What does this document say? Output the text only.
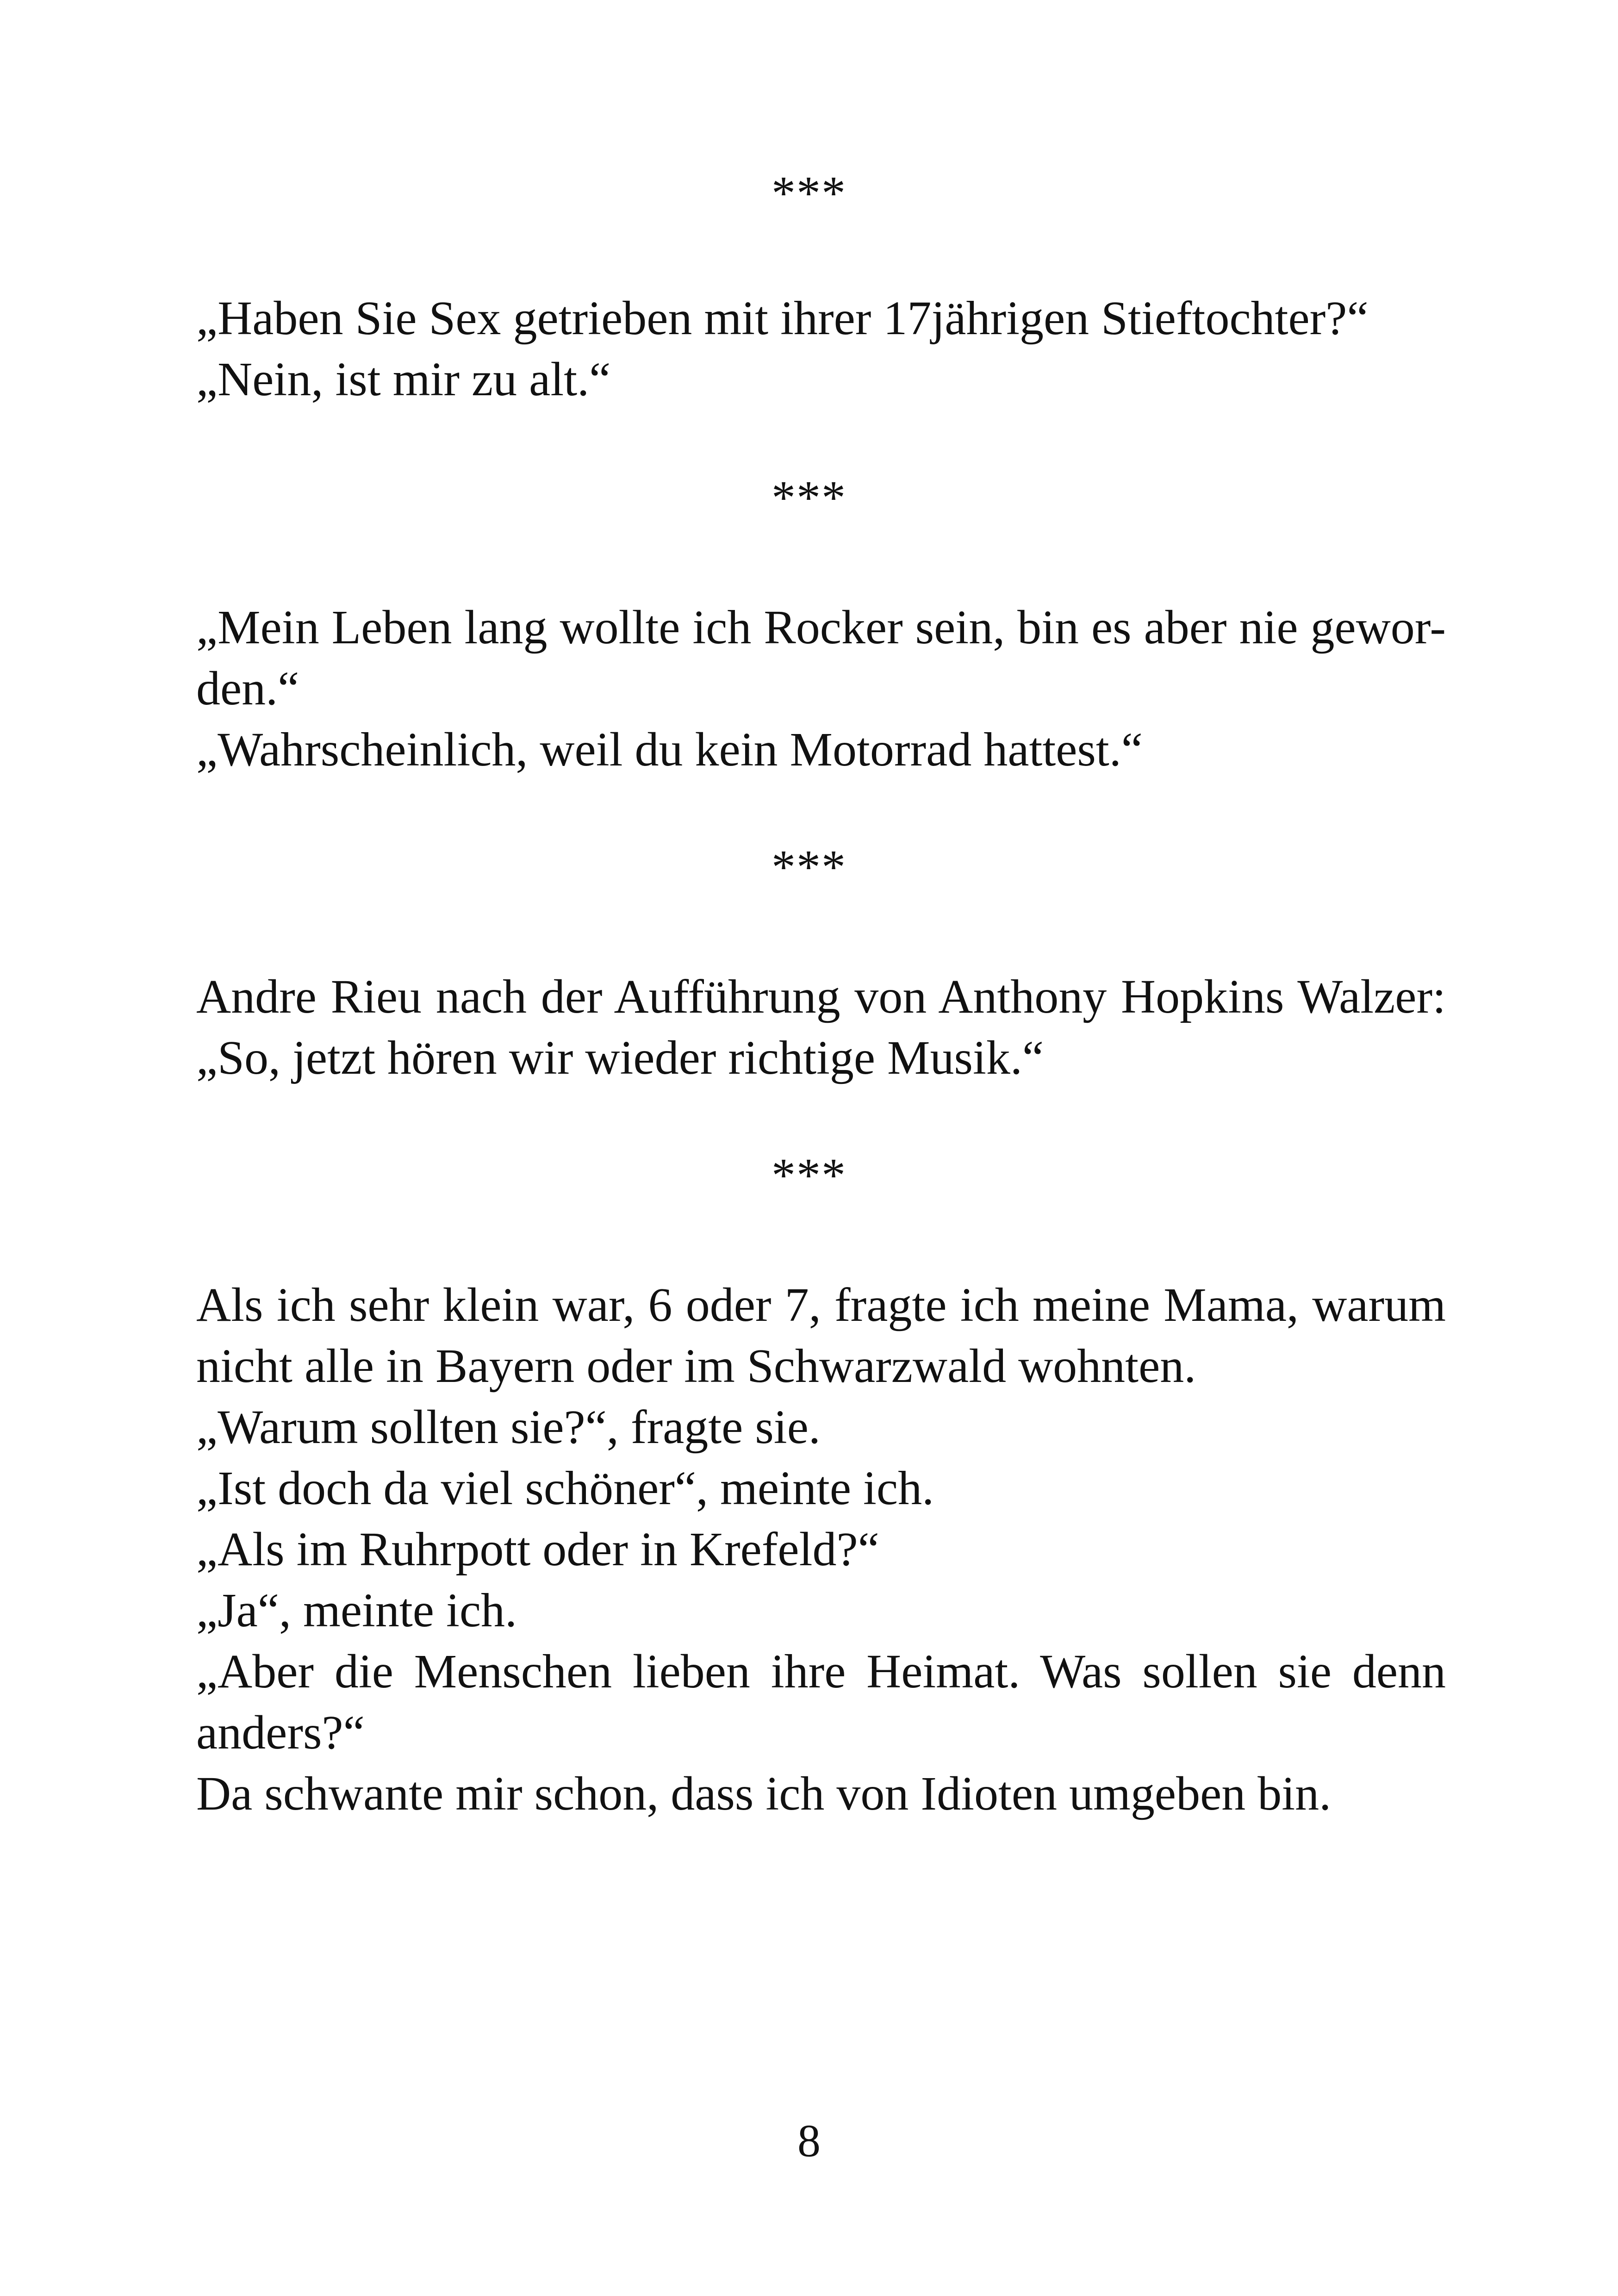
***
„Haben Sie Sex getrieben mit ihrer 17jährigen Stieftochter?“
„Nein, ist mir zu alt.“
***
„Mein Leben lang wollte ich Rocker sein, bin es aber nie gewor-
den.“
„Wahrscheinlich, weil du kein Motorrad hattest.“
***
Andre Rieu nach der Aufführung von Anthony Hopkins Walzer:
„So, jetzt hören wir wieder richtige Musik.“
***
Als ich sehr klein war, 6 oder 7, fragte ich meine Mama, warum
nicht alle in Bayern oder im Schwarzwald wohnten.
„Warum sollten sie?“, fragte sie.
„Ist doch da viel schöner“, meinte ich.
„Als im Ruhrpott oder in Krefeld?“
„Ja“, meinte ich.
„Aber die Menschen lieben ihre Heimat. Was sollen sie denn
anders?“
Da schwante mir schon, dass ich von Idioten umgeben bin.
8
